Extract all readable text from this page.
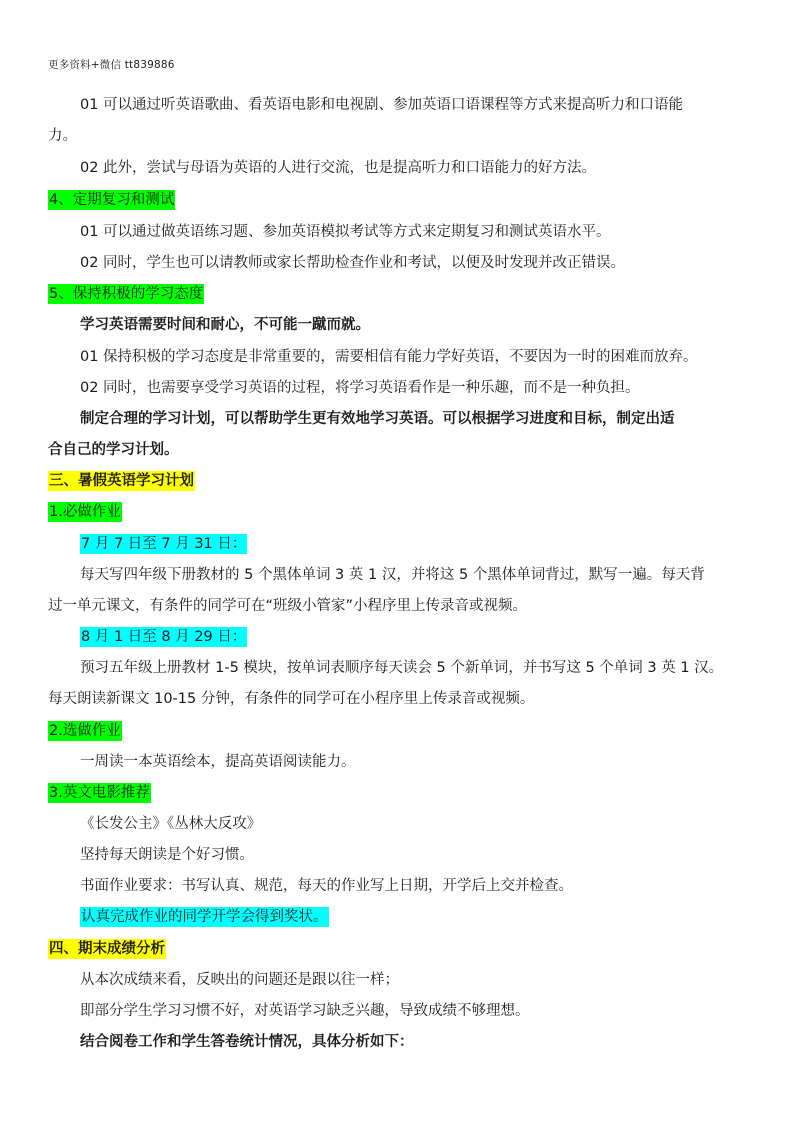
更多资料+微信 tt839886
01 可以通过听英语歌曲、看英语电影和电视剧、参加英语口语课程等方式来提高听力和口语能
力。
02 此外，尝试与母语为英语的人进行交流，也是提高听力和口语能力的好方法。
4、定期复习和测试
01 可以通过做英语练习题、参加英语模拟考试等方式来定期复习和测试英语水平。
02 同时，学生也可以请教师或家长帮助检查作业和考试，以便及时发现并改正错误。
5、保持积极的学习态度
学习英语需要时间和耐心，不可能一蹴而就。
01 保持积极的学习态度是非常重要的，需要相信有能力学好英语，不要因为一时的困难而放弃。
02 同时，也需要享受学习英语的过程，将学习英语看作是一种乐趣，而不是一种负担。
制定合理的学习计划，可以帮助学生更有效地学习英语。可以根据学习进度和目标，制定出适
合自己的学习计划。
三、暑假英语学习计划
1.必做作业
7 月 7 日至 7 月 31 日：
每天写四年级下册教材的 5 个黑体单词 3 英 1 汉，并将这 5 个黑体单词背过，默写一遍。每天背
过一单元课文，有条件的同学可在“班级小管家”小程序里上传录音或视频。
8 月 1 日至 8 月 29 日：
预习五年级上册教材 1-5 模块，按单词表顺序每天读会 5 个新单词，并书写这 5 个单词 3 英 1 汉。
每天朗读新课文 10-15 分钟，有条件的同学可在小程序里上传录音或视频。
2.选做作业
一周读一本英语绘本，提高英语阅读能力。
3.英文电影推荐
《长发公主》《丛林大反攻》
坚持每天朗读是个好习惯。
书面作业要求：书写认真、规范，每天的作业写上日期，开学后上交并检查。
认真完成作业的同学开学会得到奖状。
四、期末成绩分析
从本次成绩来看，反映出的问题还是跟以往一样；
即部分学生学习习惯不好，对英语学习缺乏兴趣，导致成绩不够理想。
结合阅卷工作和学生答卷统计情况，具体分析如下：
